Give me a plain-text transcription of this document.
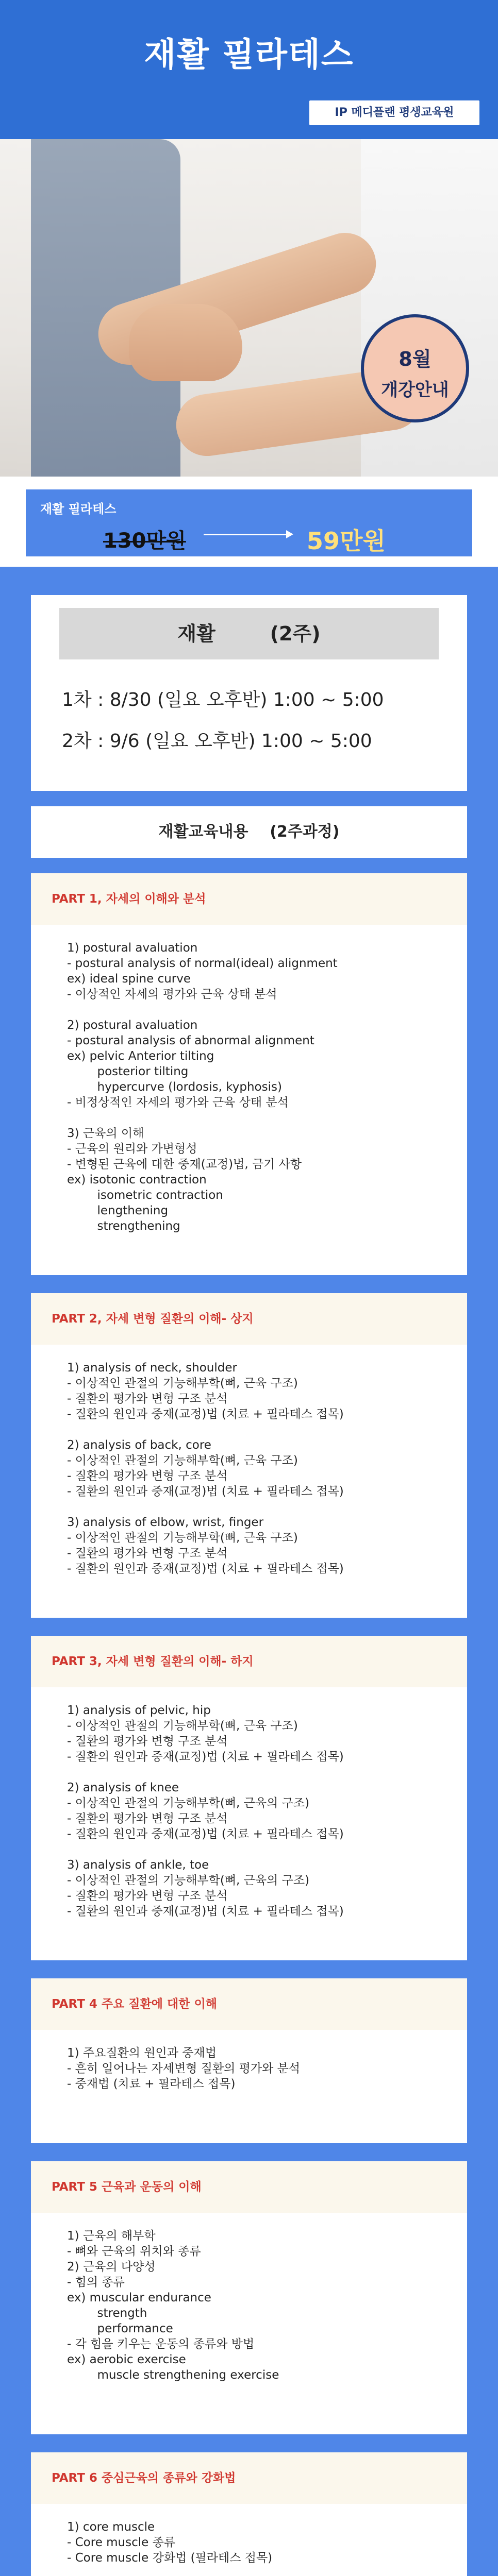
재활 필라테스
IP 메디플랜 평생교육원
8월
개강안내
재활 필라테스
130만원	59만원
재활        (2주)
1차 : 8/30 (일요 오후반) 1:00 ~ 5:00
2차 : 9/6 (일요 오후반) 1:00 ~ 5:00
재활교육내용    (2주과정)
PART 1, 자세의 이해와 분석
1) postural avaluation
- postural analysis of normal(ideal) alignment
ex) ideal spine curve
- 이상적인 자세의 평가와 근육 상태 분석
2) postural avaluation
- postural analysis of abnormal alignment
ex) pelvic Anterior tilting
posterior tilting
hypercurve (lordosis, kyphosis)
- 비정상적인 자세의 평가와 근육 상태 분석
3) 근육의 이해
- 근육의 원리와 가변형성
- 변형된 근육에 대한 중재(교정)법, 금기 사항
ex) isotonic contraction
isometric contraction
lengthening
strengthening
PART 2, 자세 변형 질환의 이해- 상지
1) analysis of neck, shoulder
- 이상적인 관절의 기능해부학(뼈, 근육 구조)
- 질환의 평가와 변형 구조 분석
- 질환의 원인과 중재(교정)법 (치료 + 필라테스 접목)
2) analysis of back, core
- 이상적인 관절의 기능해부학(뼈, 근육 구조)
- 질환의 평가와 변형 구조 분석
- 질환의 원인과 중재(교정)법 (치료 + 필라테스 접목)
3) analysis of elbow, wrist, finger
- 이상적인 관절의 기능해부학(뼈, 근육 구조)
- 질환의 평가와 변형 구조 분석
- 질환의 원인과 중재(교정)법 (치료 + 필라테스 접목)
PART 3, 자세 변형 질환의 이해- 하지
1) analysis of pelvic, hip
- 이상적인 관절의 기능해부학(뼈, 근육 구조)
- 질환의 평가와 변형 구조 분석
- 질환의 원인과 중재(교정)법 (치료 + 필라테스 접목)
2) analysis of knee
- 이상적인 관절의 기능해부학(뼈, 근육의 구조)
- 질환의 평가와 변형 구조 분석
- 질환의 원인과 중재(교정)법 (치료 + 필라테스 접목)
3) analysis of ankle, toe
- 이상적인 관절의 기능해부학(뼈, 근육의 구조)
- 질환의 평가와 변형 구조 분석
- 질환의 원인과 중재(교정)법 (치료 + 필라테스 접목)
PART 4 주요 질환에 대한 이해
1) 주요질환의 원인과 중재법
- 흔히 일어나는 자세변형 질환의 평가와 분석
- 중재법 (치료 + 필라테스 접목)
PART 5 근육과 운동의 이해
1) 근육의 해부학
- 뼈와 근육의 위치와 종류
2) 근육의 다양성
- 힘의 종류
ex) muscular endurance
strength
performance
- 각 힘을 키우는 운동의 종류와 방법
ex) aerobic exercise
muscle strengthening exercise
PART 6 중심근육의 종류와 강화법
1) core muscle
- Core muscle 종류
- Core muscle 강화법 (필라테스 접목)
